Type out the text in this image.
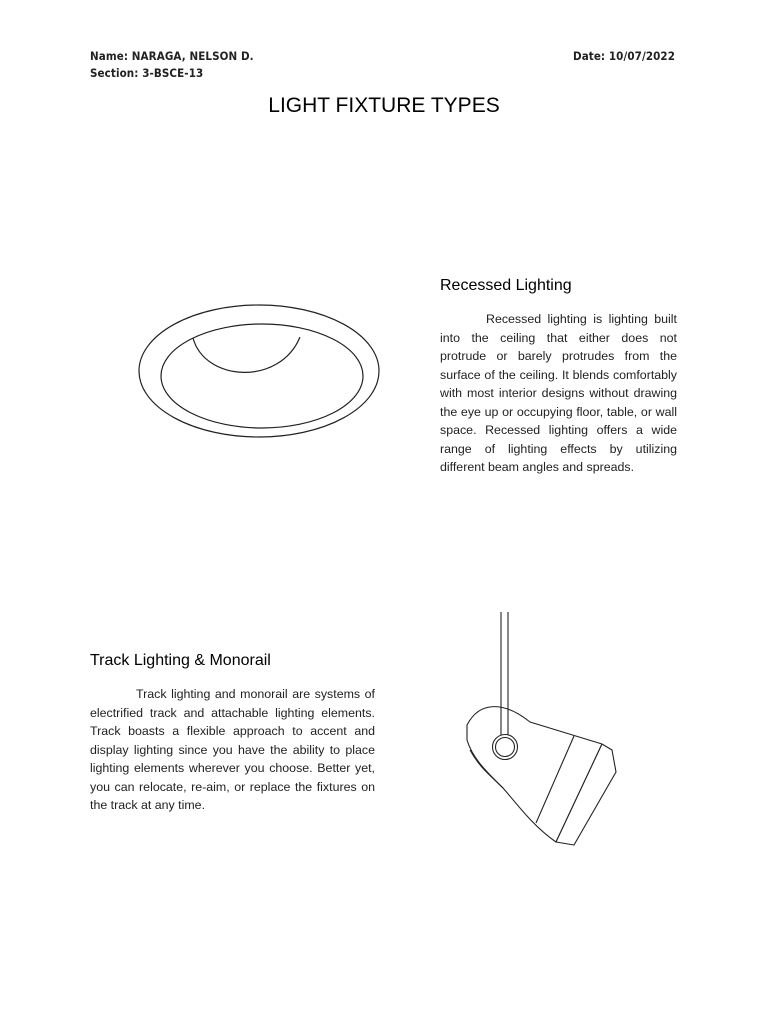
Name: NARAGA, NELSON D.
Section: 3-BSCE-13
Date: 10/07/2022
LIGHT FIXTURE TYPES
Recessed Lighting

Recessed lighting is lighting built into the ceiling that either does not protrude or barely protrudes from the surface of the ceiling. It blends comfortably with most interior designs without drawing the eye up or occupying floor, table, or wall space. Recessed lighting offers a wide range of lighting effects by utilizing different beam angles and spreads.

Track Lighting & Monorail

Track lighting and monorail are systems of electrified track and attachable lighting elements. Track boasts a flexible approach to accent and display lighting since you have the ability to place lighting elements wherever you choose. Better yet, you can relocate, re-aim, or replace the fixtures on the track at any time.
